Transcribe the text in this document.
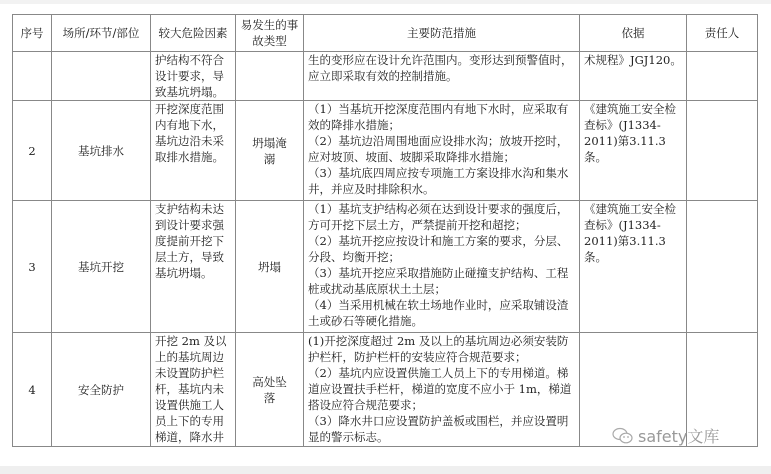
序号	场所/环节/部位	较大危险因素	易发生的事故类型	主要防范措施	依据	责任人
		护结构不符合设计要求，导致基坑坍塌。		生的变形应在设计允许范围内。变形达到预警值时，应立即采取有效的控制措施。	术规程》JGJ120。	
2	基坑排水	开挖深度范围内有地下水，基坑边沿未采取排水措施。	坍塌淹溺	（1）当基坑开挖深度范围内有地下水时，应采取有效的降排水措施；
（2）基坑边沿周围地面应设排水沟；放坡开挖时，应对坡顶、坡面、坡脚采取降排水措施；
（3）基坑底四周应按专项施工方案设排水沟和集水井，并应及时排除积水。	《建筑施工安全检查标》(J1334-2011)第3.11.3条。	
3	基坑开挖	支护结构未达到设计要求强度提前开挖下层土方，导致基坑坍塌。	坍塌	（1）基坑支护结构必须在达到设计要求的强度后，方可开挖下层土方，严禁提前开挖和超挖；
（2）基坑开挖应按设计和施工方案的要求，分层、分段、均衡开挖；
（3）基坑开挖应采取措施防止碰撞支护结构、工程桩或扰动基底原状土土层；
（4）当采用机械在软土场地作业时，应采取铺设渣土或砂石等硬化措施。	《建筑施工安全检查标》(J1334-2011)第3.11.3条。	
4	安全防护	开挖 2m 及以上的基坑周边未设置防护栏杆，基坑内未设置供施工人员上下的专用梯道，降水井	高处坠落	(1)开挖深度超过 2m 及以上的基坑周边必须安装防护栏杆，防护栏杆的安装应符合规范要求；
（2）基坑内应设置供施工人员上下的专用梯道。梯道应设置扶手栏杆，梯道的宽度不应小于 1m，梯道搭设应符合规范要求；
（3）降水井口应设置防护盖板或围栏，并应设置明显的警示标志。		
			safety文库
